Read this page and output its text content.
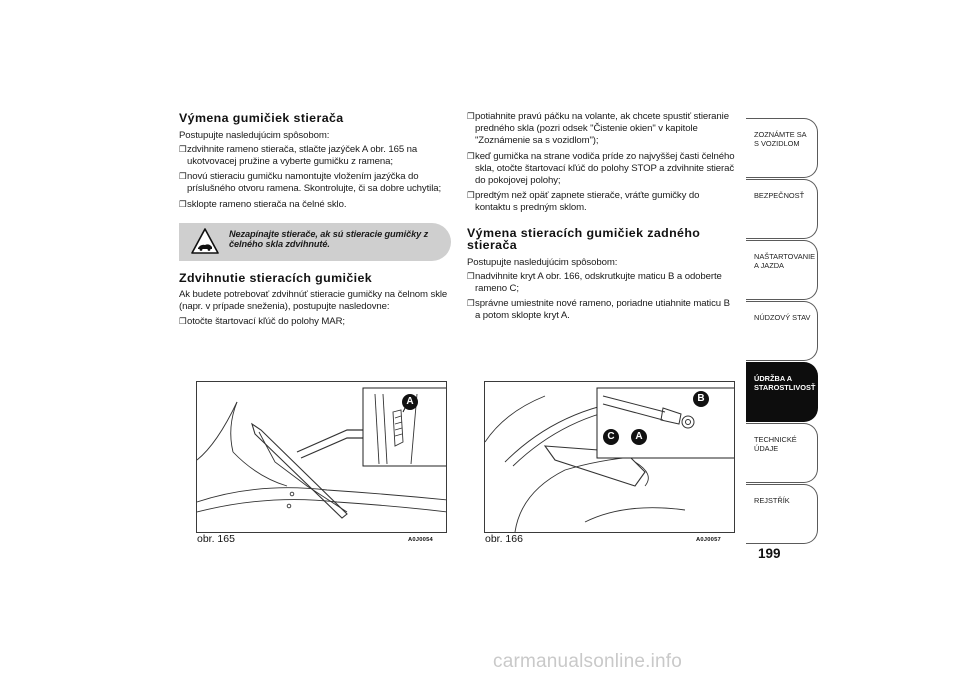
Výmena gumičiek stierača
Postupujte nasledujúcim spôsobom:
❒zdvihnite rameno stierača, stlačte jazýček A obr. 165 na ukotvovacej pružine a vyberte gumičku z ramena;
❒novú stieraciu gumičku namontujte vložením jazýčka do príslušného otvoru ramena. Skontrolujte, či sa dobre uchytila;
❒sklopte rameno stierača na čelné sklo.
Nezapínajte stierače, ak sú stieracie gumičky z čelného skla zdvihnuté.
Zdvihnutie stieracích gumičiek
Ak budete potrebovať zdvihnúť stieracie gumičky na čelnom skle (napr. v prípade sneženia), postupujte nasledovne:
❒otočte štartovací kľúč do polohy MAR;
❒potiahnite pravú páčku na volante, ak chcete spustiť stieranie predného skla (pozri odsek "Čistenie okien" v kapitole "Zoznámenie sa s vozidlom");
❒keď gumička na strane vodiča príde zo najvyššej časti čelného skla, otočte štartovací kľúč do polohy STOP a zdvihnite stierač do pokojovej polohy;
❒predtým než opäť zapnete stierače, vráťte gumičky do kontaktu s predným sklom.
Výmena stieracích gumičiek zadného stierača
Postupujte nasledujúcim spôsobom:
❒nadvihnite kryt A obr. 166, odskrutkujte maticu B a odoberte rameno C;
❒správne umiestnite nové rameno, poriadne utiahnite maticu B a potom sklopte kryt A.
A
obr. 165	A0J0054
B
C	A
obr. 166	A0J0057
ZOZNÁMTE SA S VOZIDLOM
BEZPEČNOSŤ
NAŠTARTOVANIE A JAZDA
NÚDZOVÝ STAV
ÚDRŽBA A STAROSTLIVOSŤ
TECHNICKÉ ÚDAJE
REJSTŘÍK
199
carmanualsonline.info
